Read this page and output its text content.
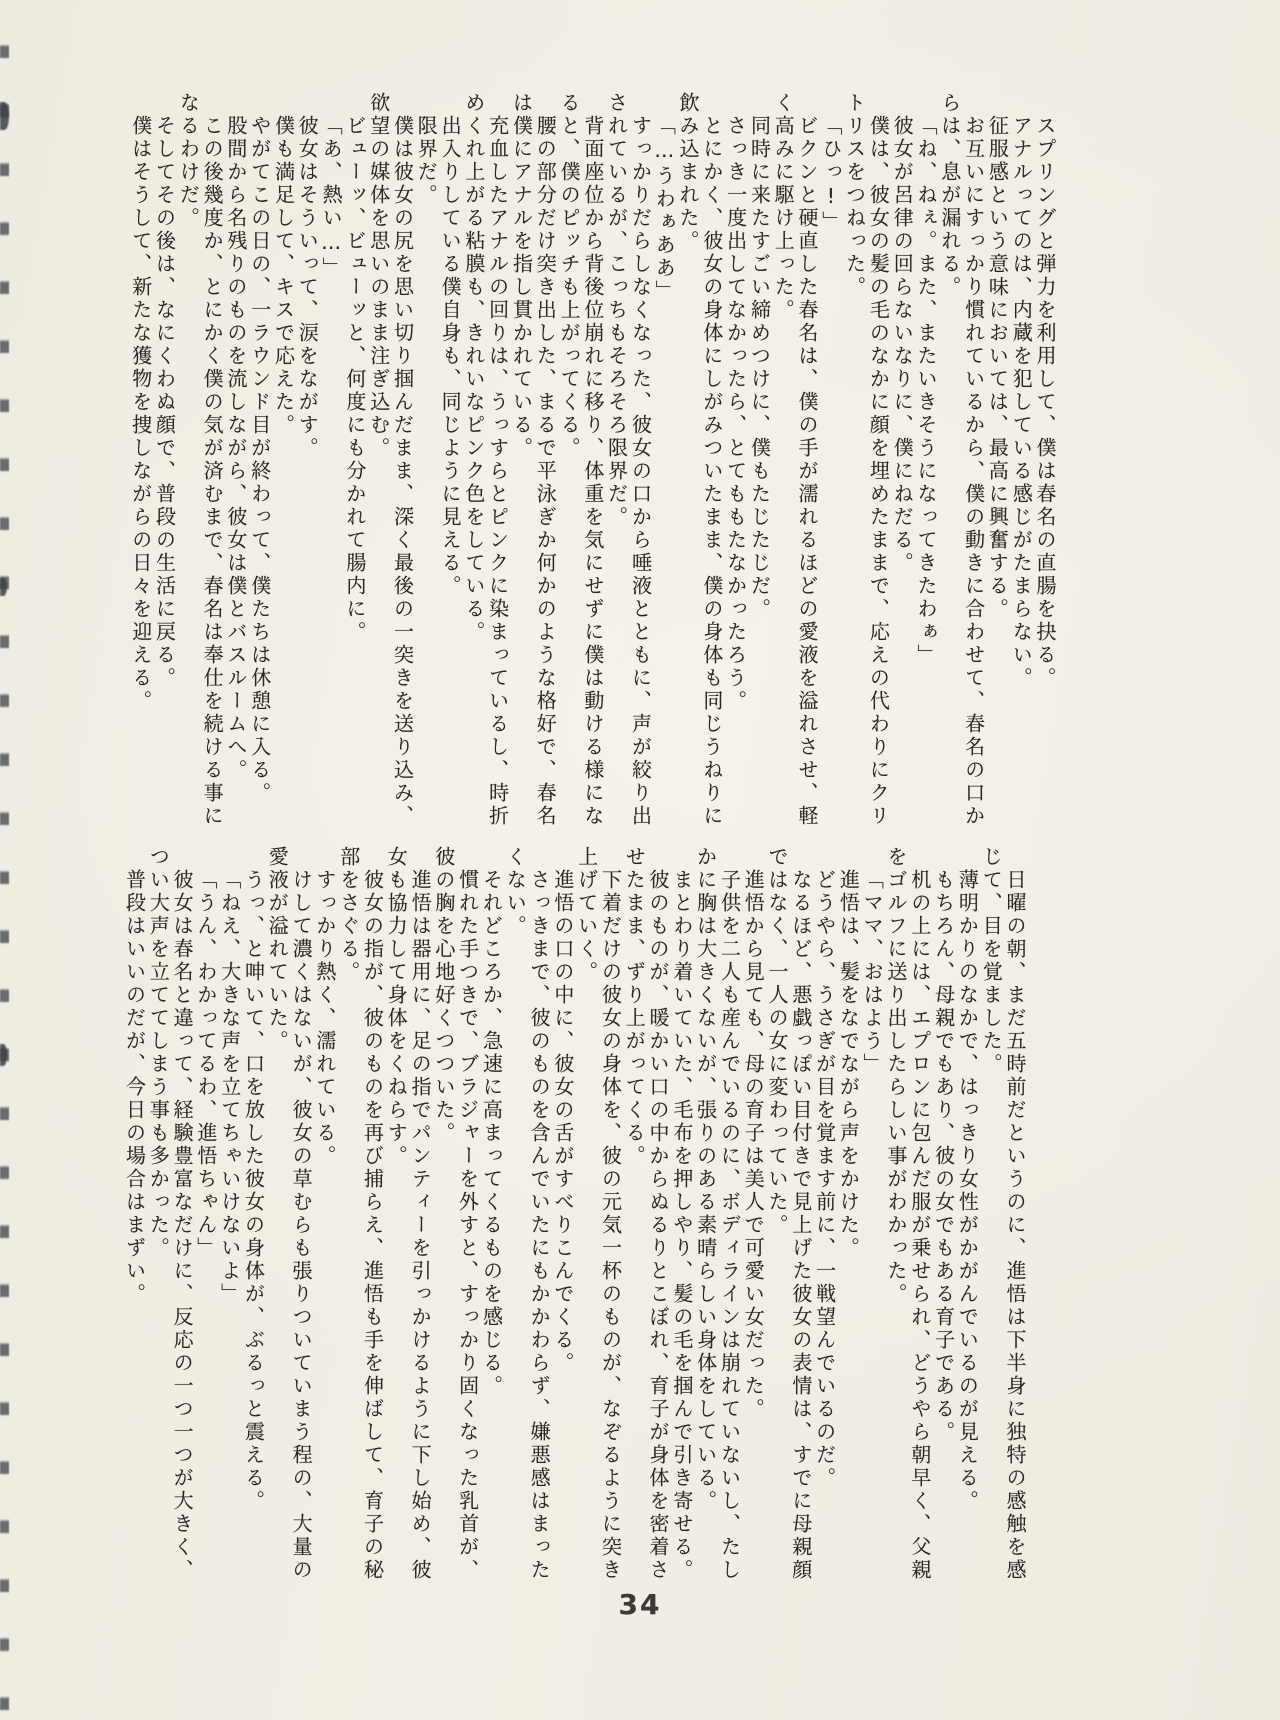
スプリングと弾力を利用して、僕は春名の直腸を抉る。

アナルってのは、内蔵を犯している感じがたまらない。

征服感という意味においては、最高に興奮する。

お互いにすっかり慣れているから、僕の動きに合わせて、春名の口からは、息が漏れる。

「ね、ねぇ。また、またいきそうになってきたわぁ」

彼女が呂律の回らないなりに、僕にねだる。

僕は、彼女の髪の毛のなかに顔を埋めたままで、応えの代わりにクリトリスをつねった。

「ひっ!」

ビクンと硬直した春名は、僕の手が濡れるほどの愛液を溢れさせ、軽く高みに駆け上った。

同時に来たすごい締めつけに、僕もたじたじだ。

さっき一度出してなかったら、とてももたなかったろう。

とにかく、彼女の身体にしがみついたまま、僕の身体も同じうねりに飲み込まれた。

「…うわぁああ」

すっかりだらしなくなった、彼女の口から唾液とともに、声が絞り出されているが、こっちもそろそろ限界だ。

背面座位から背後位崩れに移り、体重を気にせずに僕は動ける様になると、僕のピッチも上がってくる。

腰の部分だけ突き出した、まるで平泳ぎか何かのような格好で、春名は僕にアナルを指し貫かれている。

充血したアナルの回りは、うっすらとピンクに染まっているし、時折めくれ上がる粘膜も、きれいなピンク色をしている。

出入りしている僕自身も、同じように見える。

限界だ。

僕は彼女の尻を思い切り掴んだまま、深く最後の一突きを送り込み、欲望の媒体を思いのまま注ぎ込む。

ビューッ、ビューッと、何度にも分かれて腸内に。

「あ、熱い…」

彼女はそういって、涙をながす。

僕も満足して、キスで応えた。

やがてこの日の、一ラウンド目が終わって、僕たちは休憩に入る。

股間から名残りのものを流しながら、彼女は僕とバスルームへ。

この後幾度か、とにかく僕の気が済むまで、春名は奉仕を続ける事になるわけだ。

そしてその後は、なにくわぬ顔で、普段の生活に戻る。

僕はそうして、新たな獲物を捜しながらの日々を迎える。

日曜の朝、まだ五時前だというのに、進悟は下半身に独特の感触を感じて、目を覚ました。

薄明かりのなかで、はっきり女性がかがんでいるのが見える。

もちろん、母親でもあり、彼の女でもある育子である。

机の上には、エプロンに包んだ服が乗せられ、どうやら朝早く、父親をゴルフに送り出したらしい事がわかった。

「ママ、おはよう」

進悟は、髪をなでながら声をかけた。

どうやら、うさぎが目を覚ます前に、一戦望んでいるのだ。

なるほど、悪戯っぽい目付きで見上げた彼女の表情は、すでに母親顔ではなく、一人の女に変わっていた。

進悟から見ても、母の育子は美人で可愛い女だった。

子供を二人も産んでいるのに、ボディラインは崩れていないし、たしかに胸は大きくないが、張りのある素晴らしい身体をしている。

まとわり着いていた、毛布を押しやり、髪の毛を掴んで引き寄せる。

彼のものが、暖かい口の中からぬるりとこぼれ、育子が身体を密着させたまま、ずり上がってくる。

下着だけの彼女の身体を、彼の元気一杯のものが、なぞるように突き上げていく。

進悟の口の中に、彼女の舌がすべりこんでくる。

さっきまで、彼のものを含んでいたにもかかわらず、嫌悪感はまったくない。

それどころか、急速に高まってくるものを感じる。

慣れた手つきで、ブラジャーを外すと、すっかり固くなった乳首が、彼の胸を心地好くつついた。

進悟は器用に、足の指でパンティーを引っかけるように下し始め、彼女も協力して身体をくねらす。

彼女の指が、彼のものを再び捕らえ、進悟も手を伸ばして、育子の秘部をさぐる。

すっかり熱く、濡れている。

けして濃くはないが、彼女の草むらも張りついていまう程の、大量の愛液が溢れていた。

うっ、と呻いて、口を放した彼女の身体が、ぶるっと震える。

「ねえ、大きな声を立てちゃいけないよ」

「うん、わかってるわ、進悟ちゃん」

彼女は春名と違って、経験豊富なだけに、反応の一つ一つが大きく、つい大声を立ててしまう事も多かった。

普段はいいのだが、今日の場合はまずい。

34
